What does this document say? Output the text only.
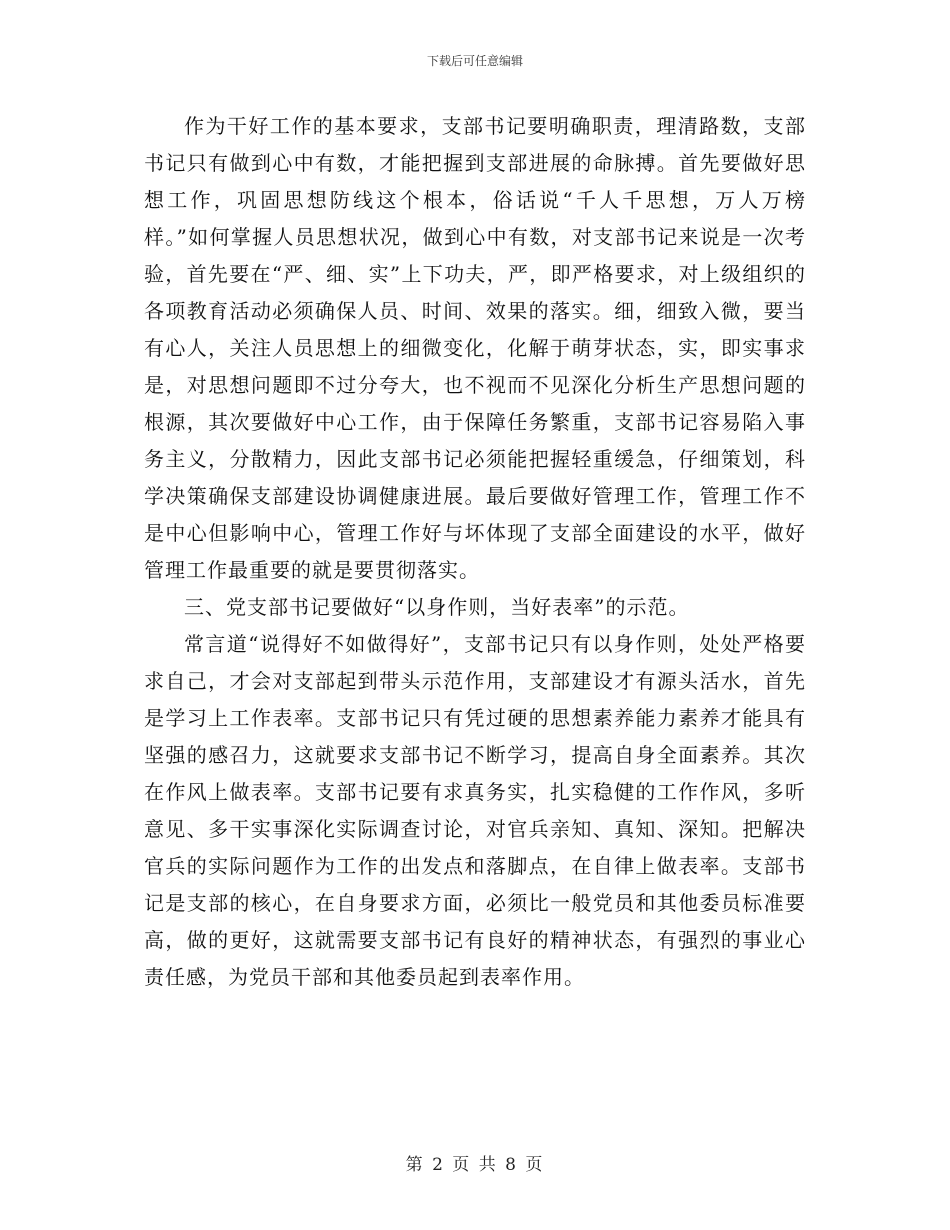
下载后可任意编辑

作为干好工作的基本要求，支部书记要明确职责，理清路数，支部书记只有做到心中有数，才能把握到支部进展的命脉搏。首先要做好思想工作，巩固思想防线这个根本，俗话说“千人千思想，万人万榜样。”如何掌握人员思想状况，做到心中有数，对支部书记来说是一次考验，首先要在“严、细、实”上下功夫，严，即严格要求，对上级组织的各项教育活动必须确保人员、时间、效果的落实。细，细致入微，要当有心人，关注人员思想上的细微变化，化解于萌芽状态，实，即实事求是，对思想问题即不过分夸大，也不视而不见深化分析生产思想问题的根源，其次要做好中心工作，由于保障任务繁重，支部书记容易陷入事务主义，分散精力，因此支部书记必须能把握轻重缓急，仔细策划，科学决策确保支部建设协调健康进展。最后要做好管理工作，管理工作不是中心但影响中心，管理工作好与坏体现了支部全面建设的水平，做好管理工作最重要的就是要贯彻落实。

三、党支部书记要做好“以身作则，当好表率”的示范。

常言道“说得好不如做得好”，支部书记只有以身作则，处处严格要求自己，才会对支部起到带头示范作用，支部建设才有源头活水，首先是学习上工作表率。支部书记只有凭过硬的思想素养能力素养才能具有坚强的感召力，这就要求支部书记不断学习，提高自身全面素养。其次在作风上做表率。支部书记要有求真务实，扎实稳健的工作作风，多听意见、多干实事深化实际调查讨论，对官兵亲知、真知、深知。把解决官兵的实际问题作为工作的出发点和落脚点，在自律上做表率。支部书记是支部的核心，在自身要求方面，必须比一般党员和其他委员标准要高，做的更好，这就需要支部书记有良好的精神状态，有强烈的事业心责任感，为党员干部和其他委员起到表率作用。

第 2 页 共 8 页
